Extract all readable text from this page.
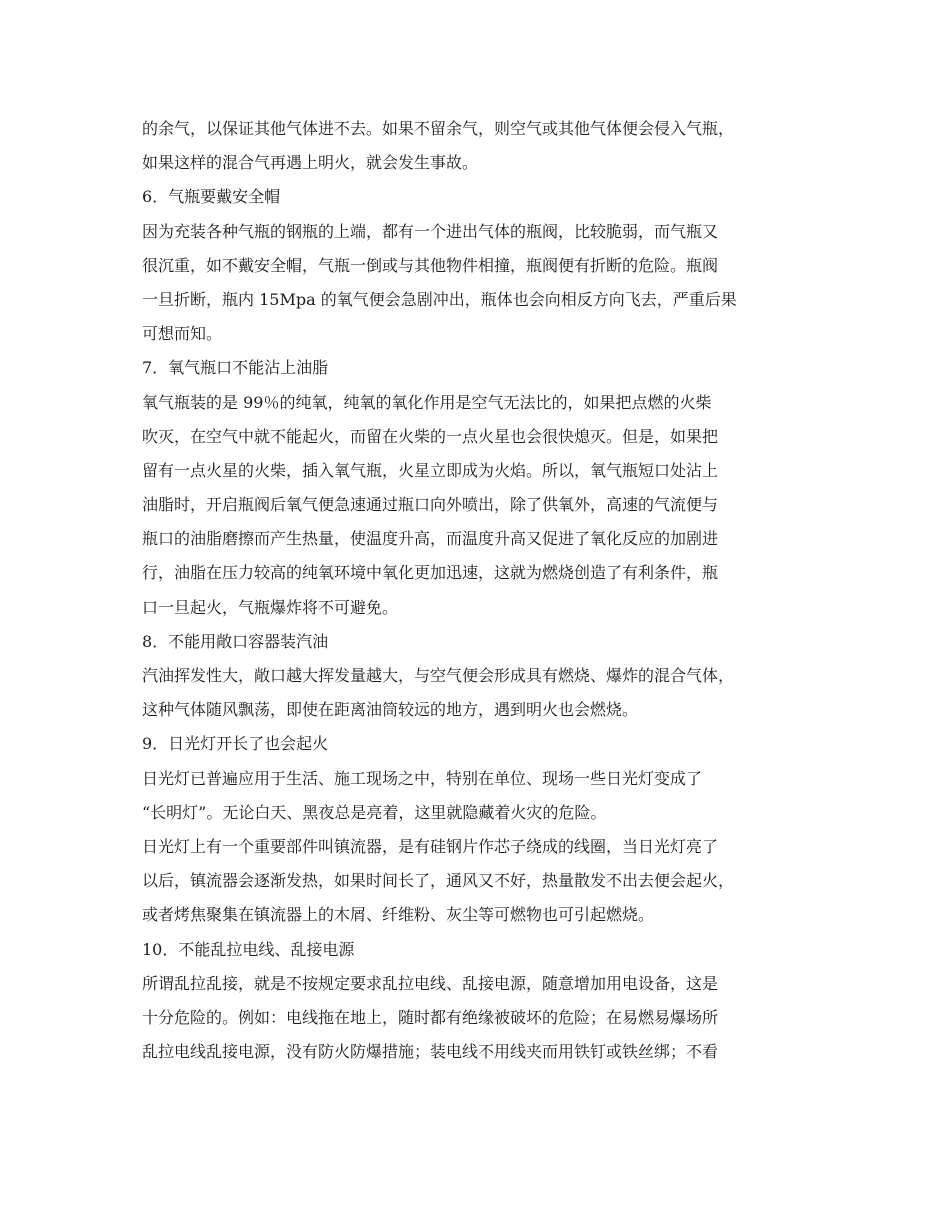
的余气，以保证其他气体进不去。如果不留余气，则空气或其他气体便会侵入气瓶，
如果这样的混合气再遇上明火，就会发生事故。
6．气瓶要戴安全帽
因为充装各种气瓶的钢瓶的上端，都有一个进出气体的瓶阀，比较脆弱，而气瓶又
很沉重，如不戴安全帽，气瓶一倒或与其他物件相撞，瓶阀便有折断的危险。瓶阀
一旦折断，瓶内 15Mpa 的氧气便会急剧冲出，瓶体也会向相反方向飞去，严重后果
可想而知。
7．氧气瓶口不能沾上油脂
氧气瓶装的是 99％的纯氧，纯氧的氧化作用是空气无法比的，如果把点燃的火柴
吹灭，在空气中就不能起火，而留在火柴的一点火星也会很快熄灭。但是，如果把
留有一点火星的火柴，插入氧气瓶，火星立即成为火焰。所以，氧气瓶短口处沾上
油脂时，开启瓶阀后氧气便急速通过瓶口向外喷出，除了供氧外，高速的气流便与
瓶口的油脂磨擦而产生热量，使温度升高，而温度升高又促进了氧化反应的加剧进
行，油脂在压力较高的纯氧环境中氧化更加迅速，这就为燃烧创造了有利条件，瓶
口一旦起火，气瓶爆炸将不可避免。
8．不能用敞口容器装汽油
汽油挥发性大，敞口越大挥发量越大，与空气便会形成具有燃烧、爆炸的混合气体，
这种气体随风飘荡，即使在距离油筒较远的地方，遇到明火也会燃烧。
9．日光灯开长了也会起火
日光灯已普遍应用于生活、施工现场之中，特别在单位、现场一些日光灯变成了
“长明灯”。无论白天、黑夜总是亮着，这里就隐藏着火灾的危险。
日光灯上有一个重要部件叫镇流器，是有硅钢片作芯子绕成的线圈，当日光灯亮了
以后，镇流器会逐渐发热，如果时间长了，通风又不好，热量散发不出去便会起火，
或者烤焦聚集在镇流器上的木屑、纤维粉、灰尘等可燃物也可引起燃烧。
10．不能乱拉电线、乱接电源
所谓乱拉乱接，就是不按规定要求乱拉电线、乱接电源，随意增加用电设备，这是
十分危险的。例如：电线拖在地上，随时都有绝缘被破坏的危险；在易燃易爆场所
乱拉电线乱接电源，没有防火防爆措施；装电线不用线夹而用铁钉或铁丝绑；不看
